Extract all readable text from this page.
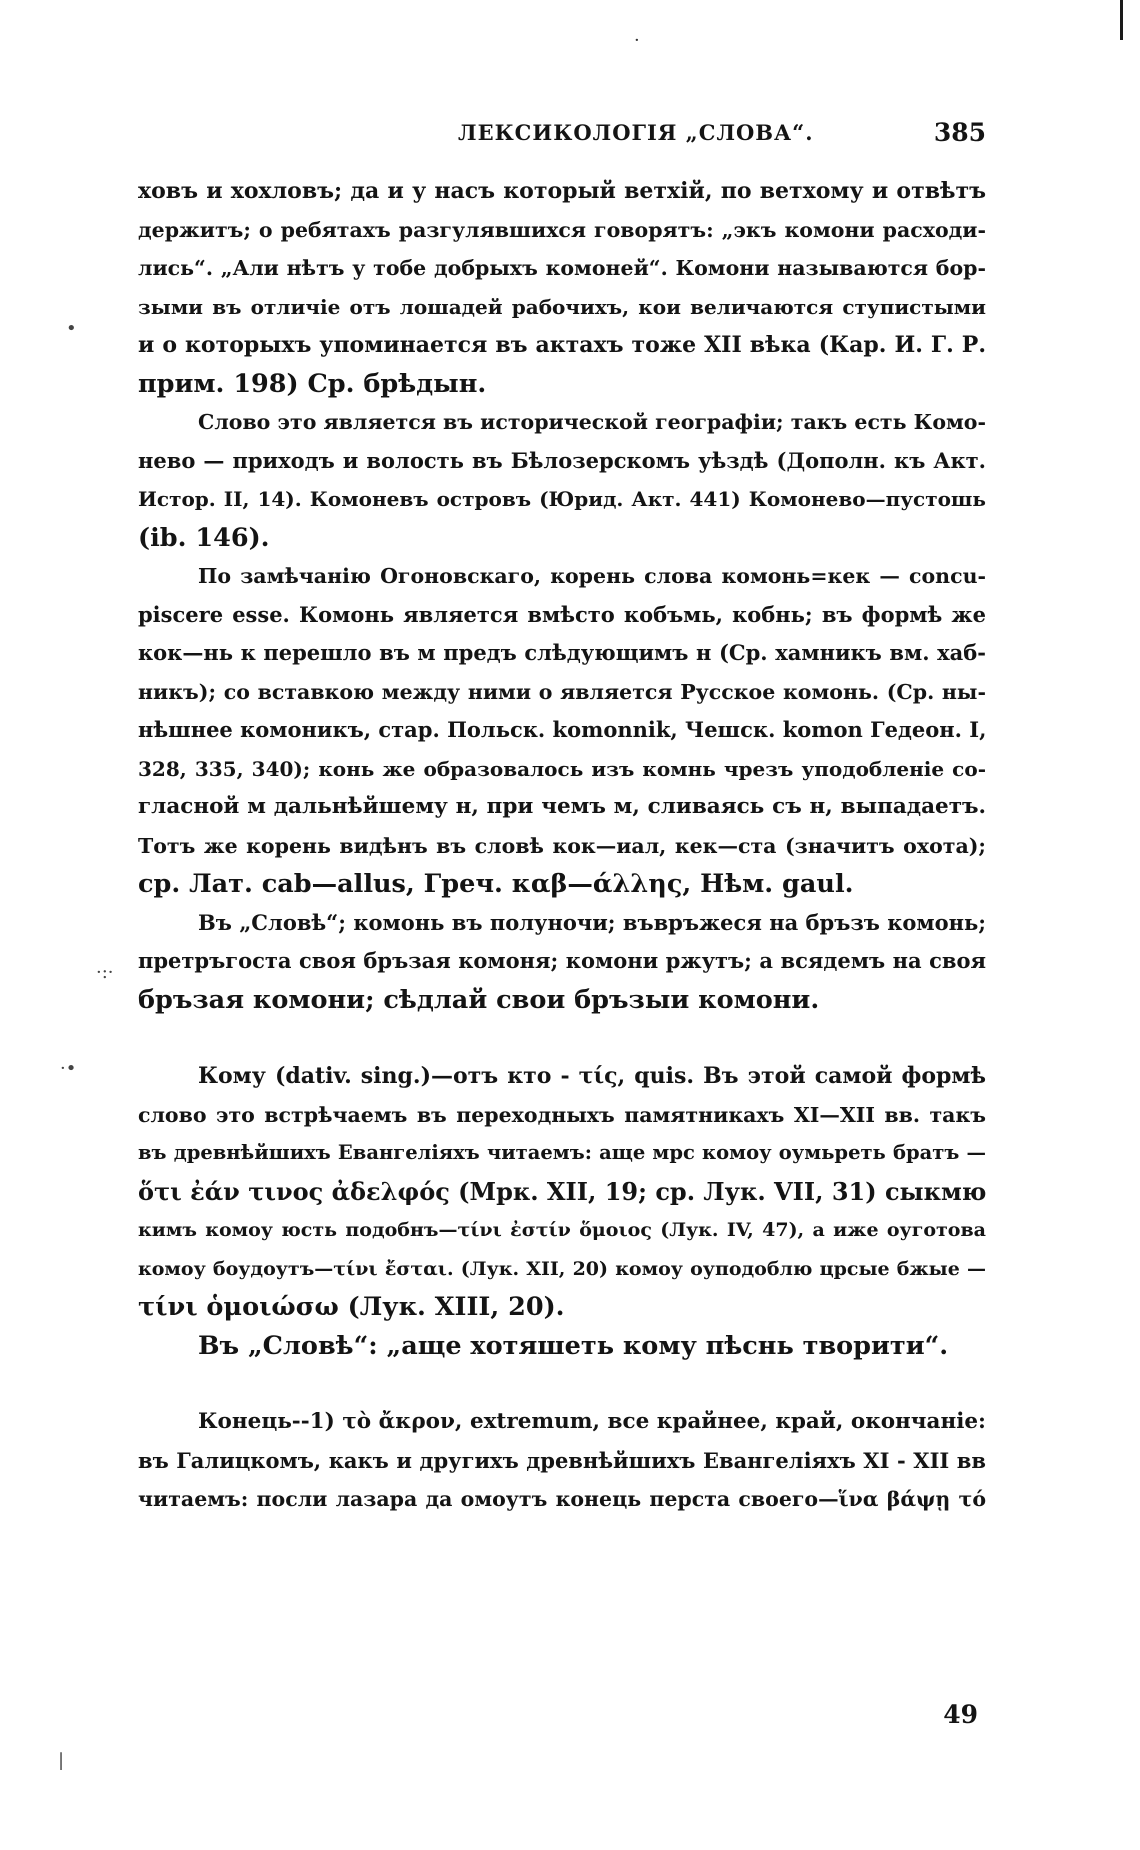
·
•
·:·
·•
|
ЛЕКСИКОЛОГІЯ „СЛОВА“.	385
ховъ и хохловъ; да и у насъ который ветхій, по ветхому и отвѣтъ
держитъ; о ребятахъ разгулявшихся говорятъ: „экъ комони расходи-
лись“. „Али нѣтъ у тобе добрыхъ комоней“. Комони называются бор-
зыми въ отличіе отъ лошадей рабочихъ, кои величаются ступистыми
и о которыхъ упоминается въ актахъ тоже XII вѣка (Кар. И. Г. Р.
прим. 198) Ср. брѣдын.
Слово это является въ исторической географіи; такъ есть Комо-
нево — приходъ и волость въ Бѣлозерскомъ уѣздѣ (Дополн. къ Акт.
Истор. II, 14). Комоневъ островъ (Юрид. Акт. 441) Комонево—пустошь
(ib. 146).
По замѣчанію Огоновскаго, корень слова комонь=кек — concu-
piscere esse. Комонь является вмѣсто кобъмь, кобнь; въ формѣ же
кок—нь к перешло въ м предъ слѣдующимъ н (Ср. хамникъ вм. хаб-
никъ); со вставкою между ними о является Русское комонь. (Ср. ны-
нѣшнее комоникъ, стар. Польск. komonnik, Чешск. komon Гедеон. I,
328, 335, 340); конь же образовалось изъ комнь чрезъ уподобленіе со-
гласной м дальнѣйшему н, при чемъ м, сливаясь съ н, выпадаетъ.
Тотъ же корень видѣнъ въ словѣ кок—иал, кек—ста (значитъ охота);
ср. Лат. cab—allus, Греч. καβ—άλλης, Нѣм. gaul.
Въ „Словѣ“; комонь въ полуночи; въвръжеся на бръзъ комонь;
претръгоста своя бръзая комоня; комони ржутъ; а всядемъ на своя
бръзая комони; сѣдлай свои бръзыи комони.
Кому (dativ. sing.)—отъ кто - τίς, quis. Въ этой самой формѣ
слово это встрѣчаемъ въ переходныхъ памятникахъ XI—XII вв. такъ
въ древнѣйшихъ Евангеліяхъ читаемъ: аще мрс комоу оумьреть братъ —
ὅτι ἐάν τινος ἀδελφός (Мрк. XII, 19; ср. Лук. VII, 31) сыкмю
кимъ комоу юсть подобнъ—τίνι ἐστίν ὅμοιος (Лук. IV, 47), а иже оуготова
комоу боудоутъ—τίνι ἔσται. (Лук. XII, 20) комоу оуподоблю црсые бжые —
τίνι ὁμοιώσω (Лук. XIII, 20).
Въ „Словѣ“: „аще хотяшеть кому пѣснь творити“.
Конець--1) τὸ ἄκρον, extremum, все крайнее, край, окончаніе:
въ Галицкомъ, какъ и другихъ древнѣйшихъ Евангеліяхъ XI - XII вв
читаемъ: посли лазара да омоутъ конець перста своего—ἵνα βάψῃ τό
49
